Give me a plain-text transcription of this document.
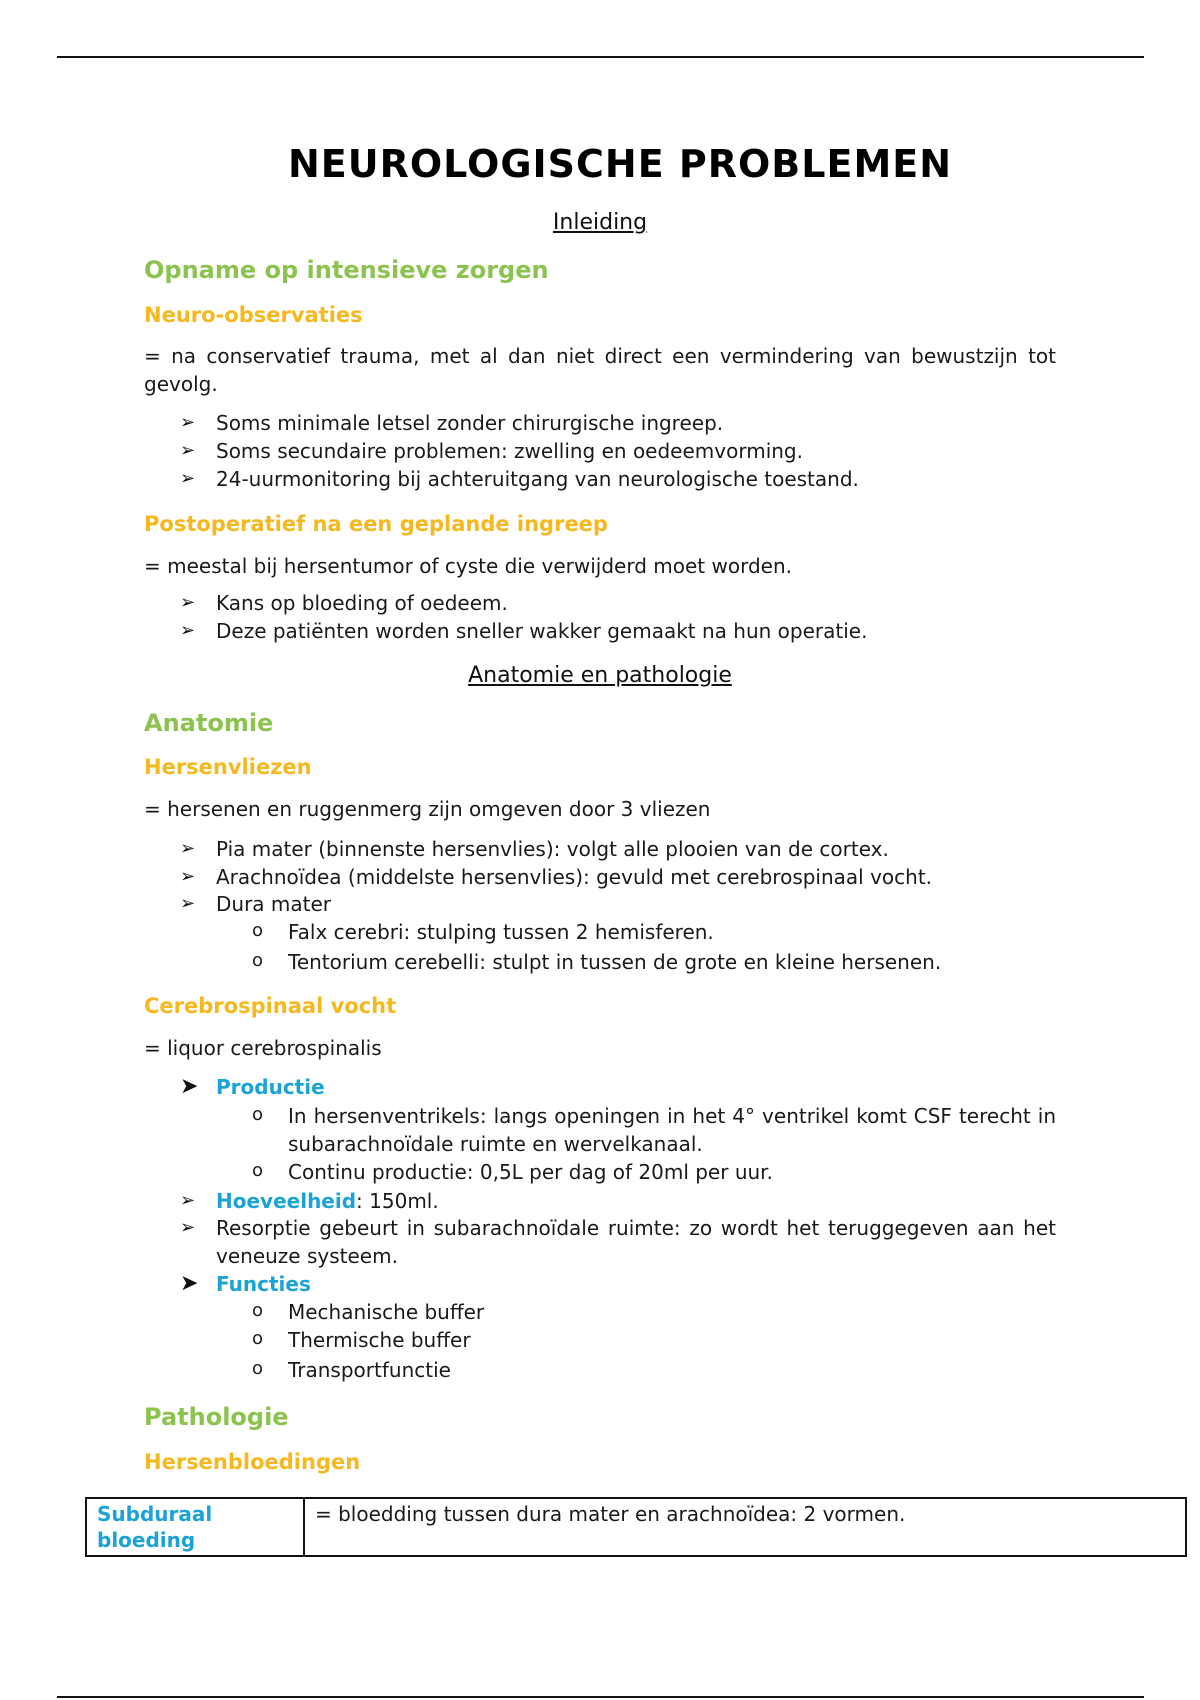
NEUROLOGISCHE PROBLEMEN
Inleiding
Opname op intensieve zorgen
Neuro-observaties
= na conservatief trauma, met al dan niet direct een vermindering van bewustzijn tot gevolg.
➢ Soms minimale letsel zonder chirurgische ingreep.
➢ Soms secundaire problemen: zwelling en oedeemvorming.
➢ 24-uurmonitoring bij achteruitgang van neurologische toestand.
Postoperatief na een geplande ingreep
= meestal bij hersentumor of cyste die verwijderd moet worden.
➢ Kans op bloeding of oedeem.
➢ Deze patiënten worden sneller wakker gemaakt na hun operatie.
Anatomie en pathologie
Anatomie
Hersenvliezen
= hersenen en ruggenmerg zijn omgeven door 3 vliezen
➢ Pia mater (binnenste hersenvlies): volgt alle plooien van de cortex.
➢ Arachnoïdea (middelste hersenvlies): gevuld met cerebrospinaal vocht.
➢ Dura mater
o Falx cerebri: stulping tussen 2 hemisferen.
o Tentorium cerebelli: stulpt in tussen de grote en kleine hersenen.
Cerebrospinaal vocht
= liquor cerebrospinalis
➤ Productie
o In hersenventrikels: langs openingen in het 4° ventrikel komt CSF terecht in subarachnoïdale ruimte en wervelkanaal.
o Continu productie: 0,5L per dag of 20ml per uur.
➢ Hoeveelheid: 150ml.
➢ Resorptie gebeurt in subarachnoïdale ruimte: zo wordt het teruggegeven aan het veneuze systeem.
➤ Functies
o Mechanische buffer
o Thermische buffer
o Transportfunctie
Pathologie
Hersenbloedingen
Subduraal bloeding	= bloedding tussen dura mater en arachnoïdea: 2 vormen.
